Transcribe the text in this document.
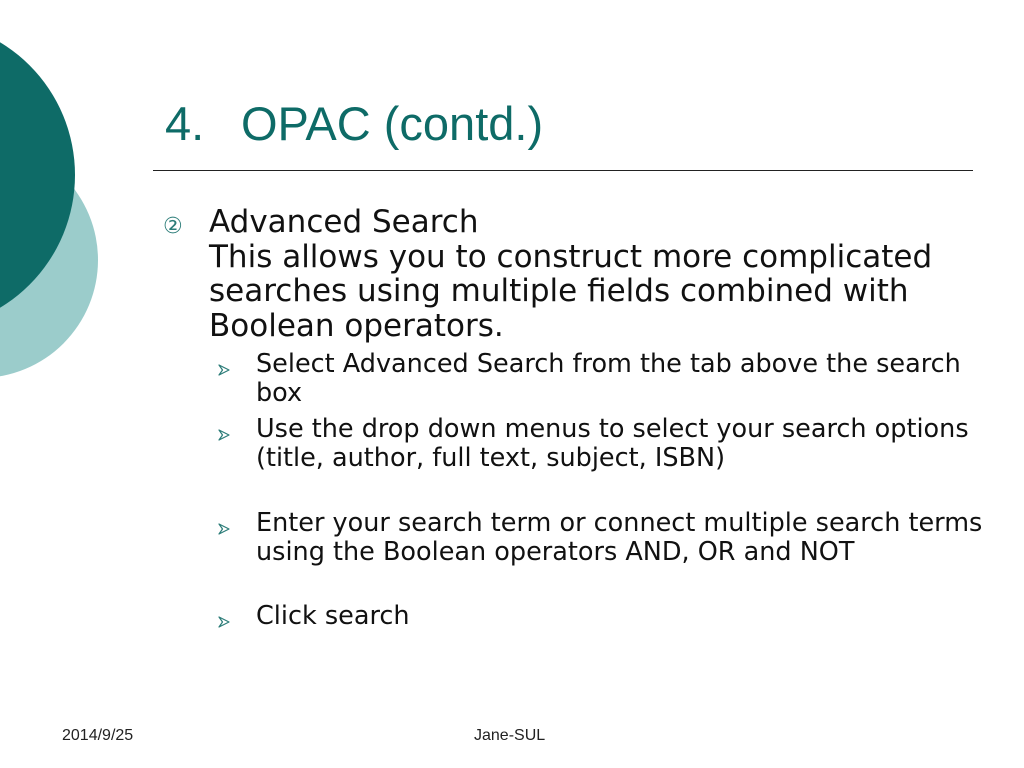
4. OPAC (contd.)
② Advanced Search
This allows you to construct more complicated searches using multiple fields combined with Boolean operators.
Select Advanced Search from the tab above the search box
Use the drop down menus to select your search options (title, author, full text, subject, ISBN)
Enter your search term or connect multiple search terms using the Boolean operators AND, OR and NOT
Click search
2014/9/25	Jane-SUL
